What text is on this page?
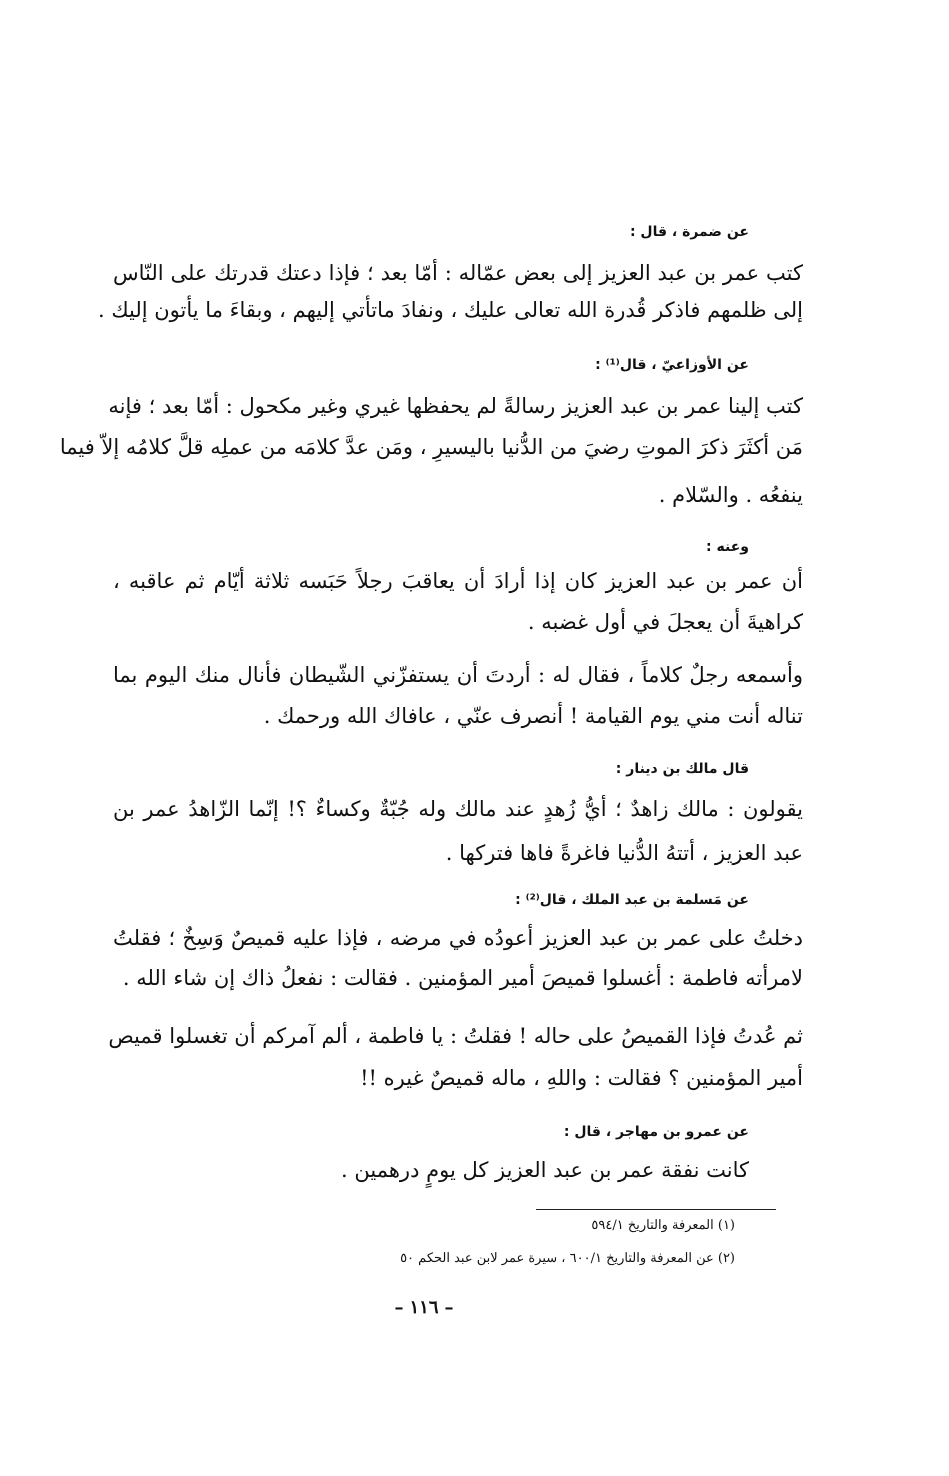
عن ضمرة ، قال :
كتب عمر بن عبد العزيز إلى بعض عمّاله : أمّا بعد ؛ فإذا دعتك قدرتك على النّاس
إلى ظلمهم فاذكر قُدرة الله تعالى عليك ، ونفادَ ماتأتي إليهم ، وبقاءَ ما يأتون إليك .
عن الأوزاعيّ ، قال⁽¹⁾ :
كتب إلينا عمر بن عبد العزيز رسالةً لم يحفظها غيري وغير مكحول : أمّا بعد ؛ فإنه
مَن أكثَرَ ذكرَ الموتِ رضيَ من الدُّنيا باليسيرِ ، ومَن عدَّ كلامَه من عملِه قلَّ كلامُه إلاّ فيما
ينفعُه . والسّلام .
وعنه :
أن عمر بن عبد العزيز كان إذا أرادَ أن يعاقبَ رجلاً حَبَسه ثلاثة أيّام ثم عاقبه ،
كراهيةَ أن يعجلَ في أول غضبه .
وأسمعه رجلٌ كلاماً ، فقال له : أردتَ أن يستفزّني الشّيطان فأنال منك اليوم بما
تناله أنت مني يوم القيامة ! أنصرف عنّي ، عافاك الله ورحمك .
قال مالك بن دينار :
يقولون : مالك زاهدٌ ؛ أيُّ زُهدٍ عند مالك وله جُبّةٌ وكساءٌ ؟! إنّما الزّاهدُ عمر بن
عبد العزيز ، أتتهُ الدُّنيا فاغرةً فاها فتركها .
عن مَسلمة بن عبد الملك ، قال⁽²⁾ :
دخلتُ على عمر بن عبد العزيز أعودُه في مرضه ، فإذا عليه قميصٌ وَسِخٌ ؛ فقلتُ
لامرأته فاطمة : أغسلوا قميصَ أمير المؤمنين . فقالت : نفعلُ ذاك إن شاء الله .
ثم عُدتُ فإذا القميصُ على حاله ! فقلتُ : يا فاطمة ، ألم آمركم أن تغسلوا قميص
أمير المؤمنين ؟ فقالت : واللهِ ، ماله قميصٌ غيره !!
عن عمرو بن مهاجر ، قال :
كانت نفقة عمر بن عبد العزيز كل يومٍ درهمين .
(١) المعرفة والتاريخ ٥٩٤/١
(٢) عن المعرفة والتاريخ ٦٠٠/١ ، سيرة عمر لابن عبد الحكم ٥٠
– ١١٦ –
